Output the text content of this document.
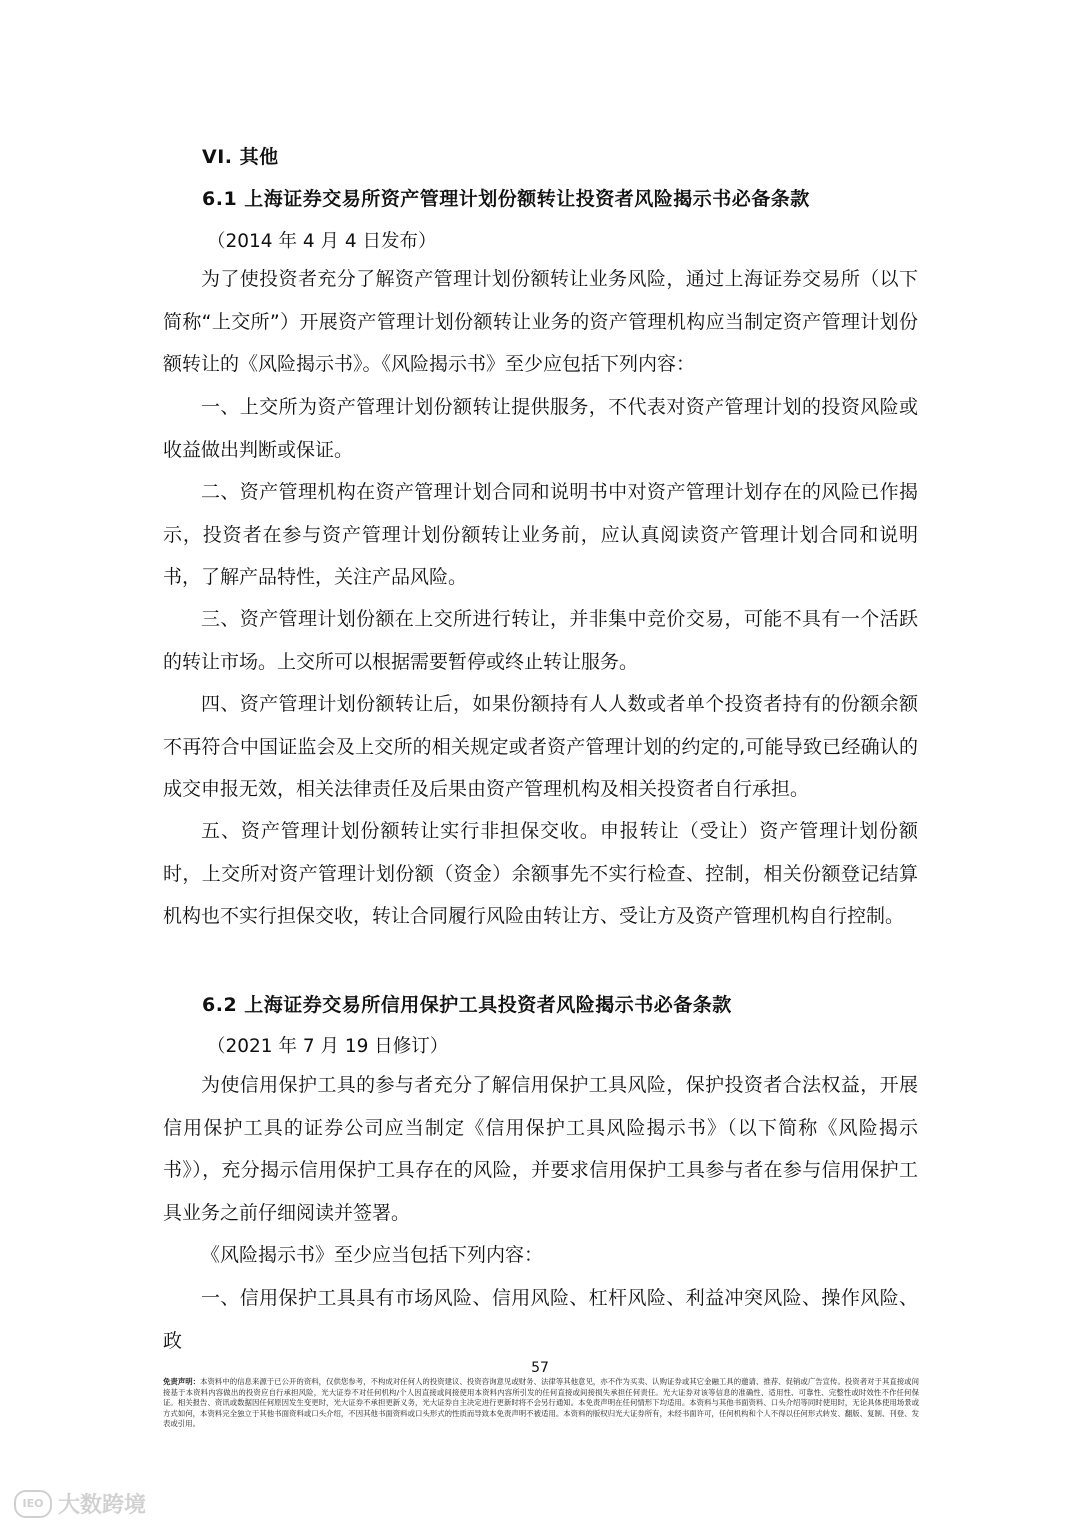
VI. 其他
6.1 上海证券交易所资产管理计划份额转让投资者风险揭示书必备条款
（2014 年 4 月 4 日发布）

为了使投资者充分了解资产管理计划份额转让业务风险，通过上海证券交易所（以下简称“上交所”）开展资产管理计划份额转让业务的资产管理机构应当制定资产管理计划份额转让的《风险揭示书》。《风险揭示书》至少应包括下列内容：

一、上交所为资产管理计划份额转让提供服务，不代表对资产管理计划的投资风险或收益做出判断或保证。

二、资产管理机构在资产管理计划合同和说明书中对资产管理计划存在的风险已作揭示，投资者在参与资产管理计划份额转让业务前，应认真阅读资产管理计划合同和说明书，了解产品特性，关注产品风险。

三、资产管理计划份额在上交所进行转让，并非集中竞价交易，可能不具有一个活跃的转让市场。上交所可以根据需要暂停或终止转让服务。

四、资产管理计划份额转让后，如果份额持有人人数或者单个投资者持有的份额余额不再符合中国证监会及上交所的相关规定或者资产管理计划的约定的,可能导致已经确认的成交申报无效，相关法律责任及后果由资产管理机构及相关投资者自行承担。

五、资产管理计划份额转让实行非担保交收。申报转让（受让）资产管理计划份额时，上交所对资产管理计划份额（资金）余额事先不实行检查、控制，相关份额登记结算机构也不实行担保交收，转让合同履行风险由转让方、受让方及资产管理机构自行控制。

6.2 上海证券交易所信用保护工具投资者风险揭示书必备条款
（2021 年 7 月 19 日修订）

为使信用保护工具的参与者充分了解信用保护工具风险，保护投资者合法权益，开展信用保护工具的证券公司应当制定《信用保护工具风险揭示书》（以下简称《风险揭示书》），充分揭示信用保护工具存在的风险，并要求信用保护工具参与者在参与信用保护工具业务之前仔细阅读并签署。

《风险揭示书》至少应当包括下列内容：

一、信用保护工具具有市场风险、信用风险、杠杆风险、利益冲突风险、操作风险、政

57
免责声明：本资料中的信息来源于已公开的资料，仅供您参考，不构成对任何人的投资建议、投资咨询意见或财务、法律等其他意见，亦不作为买卖、认购证券或其它金融工具的邀请、推荐、促销或广告宣传。投资者对于其直接或间接基于本资料内容做出的投资应自行承担风险，光大证券不对任何机构/个人因直接或间接使用本资料内容所引发的任何直接或间接损失承担任何责任。光大证券对该等信息的准确性、适用性、可靠性、完整性或时效性不作任何保证。相关报告、资讯或数据因任何原因发生变更时，光大证券不承担更新义务，光大证券自主决定进行更新时将不会另行通知。本免责声明在任何情形下均适用。本资料与其他书面资料、口头介绍等同时使用时，无论具体使用场景或方式如何，本资料完全独立于其他书面资料或口头介绍，不因其他书面资料或口头形式的性质而导致本免责声明不被适用。本资料的版权归光大证券所有，未经书面许可，任何机构和个人不得以任何形式转发、翻版、复制、刊登、发表或引用。
IEO 大数跨境
